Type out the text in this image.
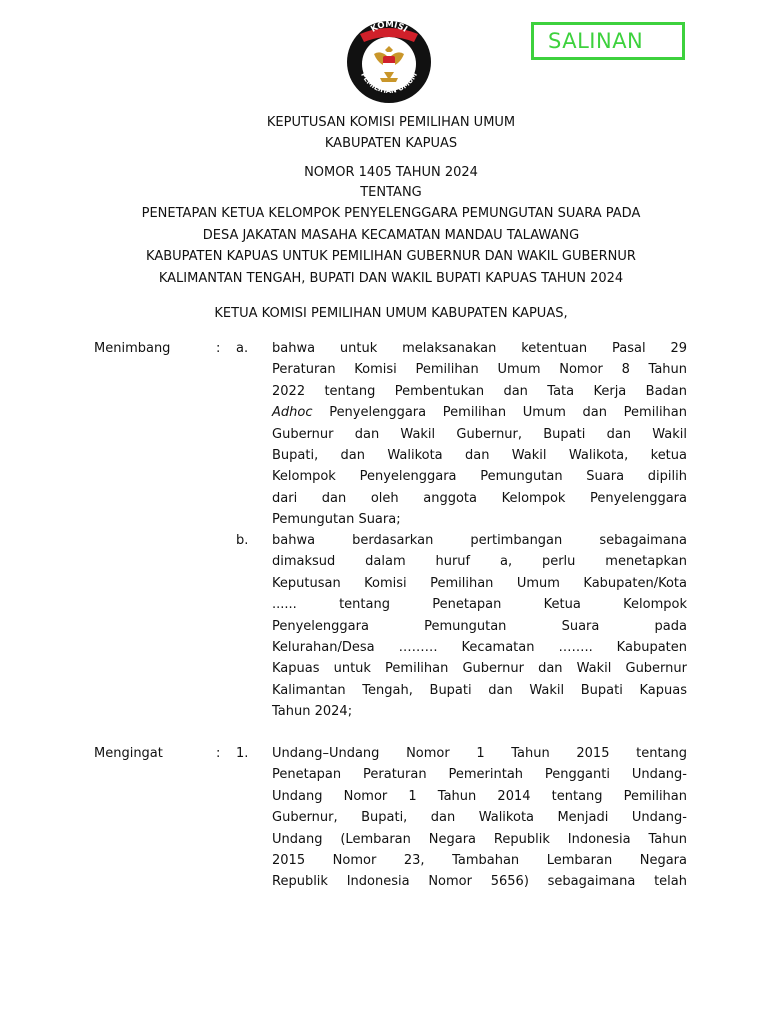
KOMISI
PEMILIHAN UMUM
SALINAN
KEPUTUSAN KOMISI PEMILIHAN UMUM
KABUPATEN KAPUAS
NOMOR 1405 TAHUN 2024
TENTANG
PENETAPAN KETUA KELOMPOK PENYELENGGARA PEMUNGUTAN SUARA PADA
DESA JAKATAN MASAHA KECAMATAN MANDAU TALAWANG
KABUPATEN KAPUAS UNTUK PEMILIHAN GUBERNUR DAN WAKIL GUBERNUR
KALIMANTAN TENGAH, BUPATI DAN WAKIL BUPATI KAPUAS TAHUN 2024
KETUA KOMISI PEMILIHAN UMUM KABUPATEN KAPUAS,
Menimbang	: a. bahwa untuk melaksanakan ketentuan Pasal 29
Peraturan Komisi Pemilihan Umum Nomor 8 Tahun
2022 tentang Pembentukan dan Tata Kerja Badan
Adhoc Penyelenggara Pemilihan Umum dan Pemilihan
Gubernur dan Wakil Gubernur, Bupati dan Wakil
Bupati, dan Walikota dan Wakil Walikota, ketua
Kelompok Penyelenggara Pemungutan Suara dipilih
dari dan oleh anggota Kelompok Penyelenggara
Pemungutan Suara;
b. bahwa berdasarkan pertimbangan sebagaimana
dimaksud dalam huruf a, perlu menetapkan
Keputusan Komisi Pemilihan Umum Kabupaten/Kota
...... tentang Penetapan Ketua Kelompok
Penyelenggara Pemungutan Suara pada
Kelurahan/Desa ……… Kecamatan …….. Kabupaten
Kapuas untuk Pemilihan Gubernur dan Wakil Gubernur
Kalimantan Tengah, Bupati dan Wakil Bupati Kapuas
Tahun 2024;
Mengingat	: 1. Undang–Undang Nomor 1 Tahun 2015 tentang
Penetapan Peraturan Pemerintah Pengganti Undang-
Undang Nomor 1 Tahun 2014 tentang Pemilihan
Gubernur, Bupati, dan Walikota Menjadi Undang-
Undang (Lembaran Negara Republik Indonesia Tahun
2015 Nomor 23, Tambahan Lembaran Negara
Republik Indonesia Nomor 5656) sebagaimana telah
